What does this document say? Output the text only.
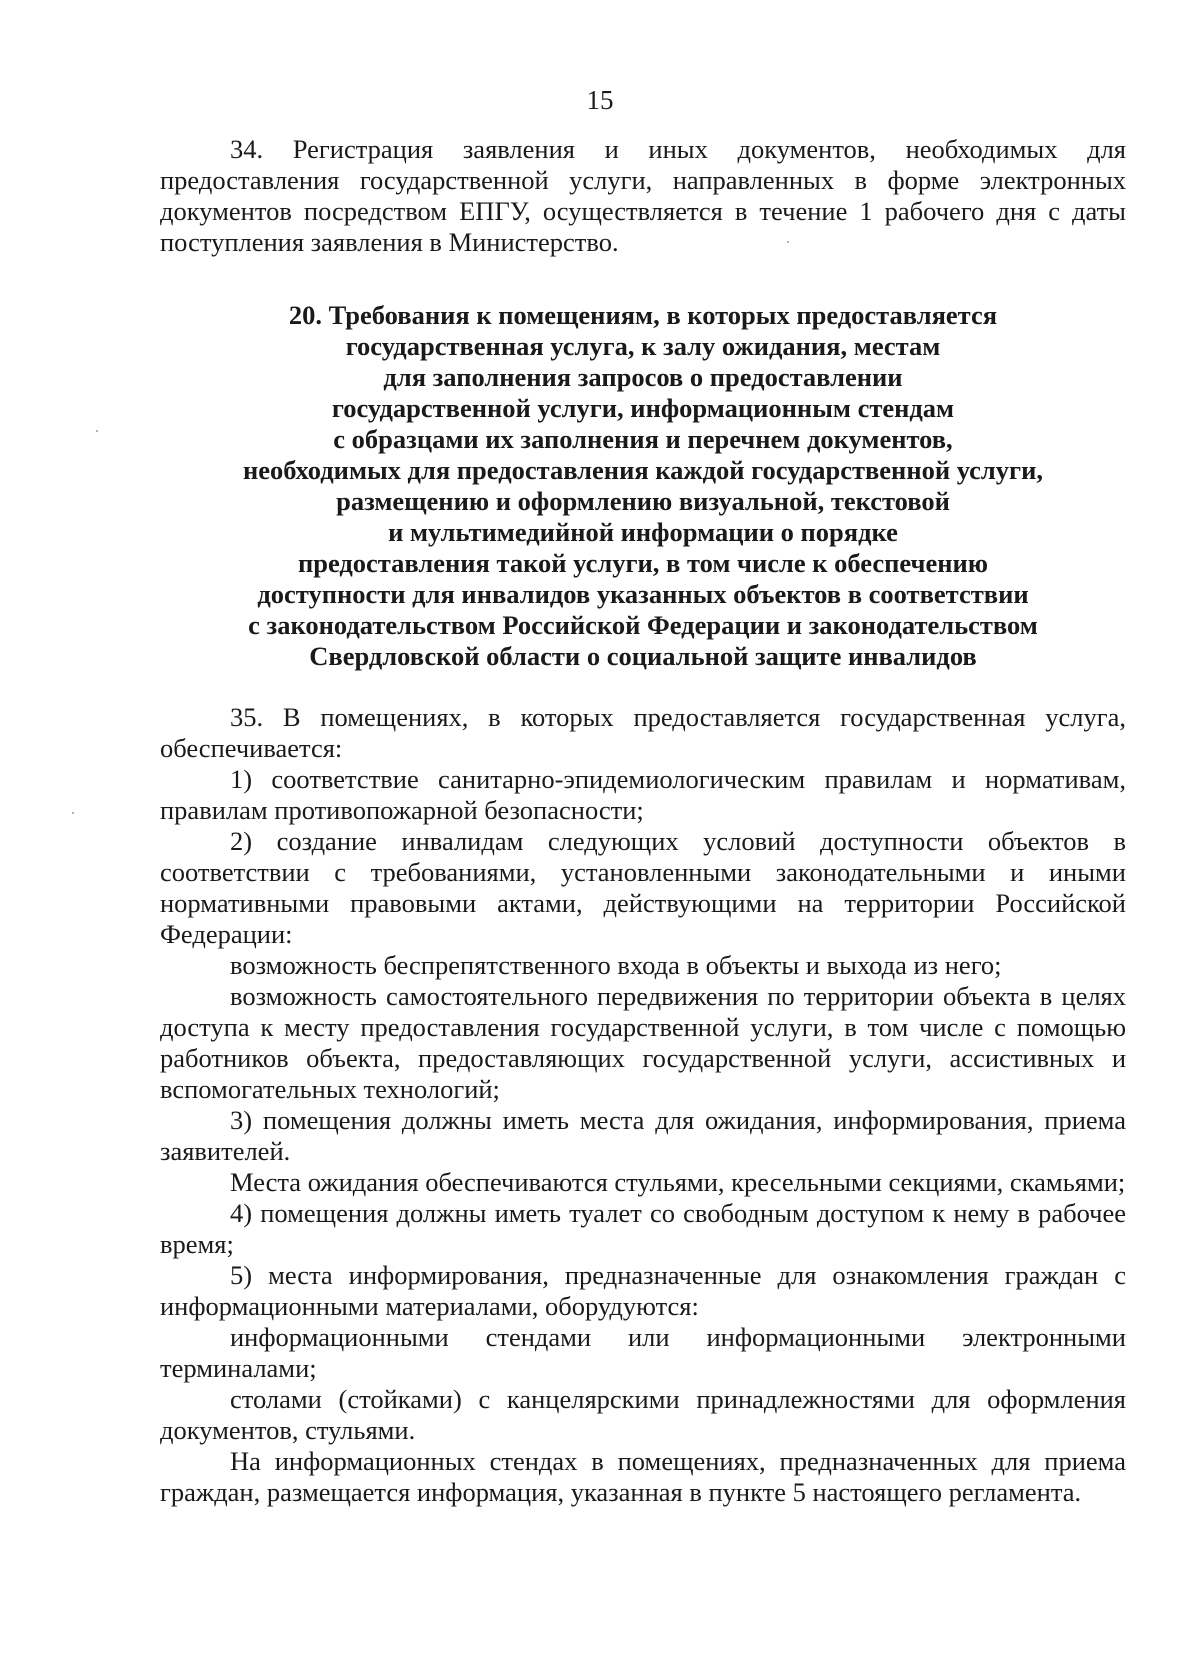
15

34. Регистрация заявления и иных документов, необходимых для предоставления государственной услуги, направленных в форме электронных документов посредством ЕПГУ, осуществляется в течение 1 рабочего дня с даты поступления заявления в Министерство.

20. Требования к помещениям, в которых предоставляется
государственная услуга, к залу ожидания, местам
для заполнения запросов о предоставлении
государственной услуги, информационным стендам
с образцами их заполнения и перечнем документов,
необходимых для предоставления каждой государственной услуги,
размещению и оформлению визуальной, текстовой
и мультимедийной информации о порядке
предоставления такой услуги, в том числе к обеспечению
доступности для инвалидов указанных объектов в соответствии
с законодательством Российской Федерации и законодательством
Свердловской области о социальной защите инвалидов

35. В помещениях, в которых предоставляется государственная услуга, обеспечивается:

1) соответствие санитарно-эпидемиологическим правилам и нормативам, правилам противопожарной безопасности;

2) создание инвалидам следующих условий доступности объектов в соответствии с требованиями, установленными законодательными и иными нормативными правовыми актами, действующими на территории Российской Федерации:

возможность беспрепятственного входа в объекты и выхода из него;

возможность самостоятельного передвижения по территории объекта в целях доступа к месту предоставления государственной услуги, в том числе с помощью работников объекта, предоставляющих государственной услуги, ассистивных и вспомогательных технологий;

3) помещения должны иметь места для ожидания, информирования, приема заявителей.

Места ожидания обеспечиваются стульями, кресельными секциями, скамьями;

4) помещения должны иметь туалет со свободным доступом к нему в рабочее время;

5) места информирования, предназначенные для ознакомления граждан с информационными материалами, оборудуются:

информационными стендами или информационными электронными терминалами;

столами (стойками) с канцелярскими принадлежностями для оформления документов, стульями.

На информационных стендах в помещениях, предназначенных для приема граждан, размещается информация, указанная в пункте 5 настоящего регламента.
